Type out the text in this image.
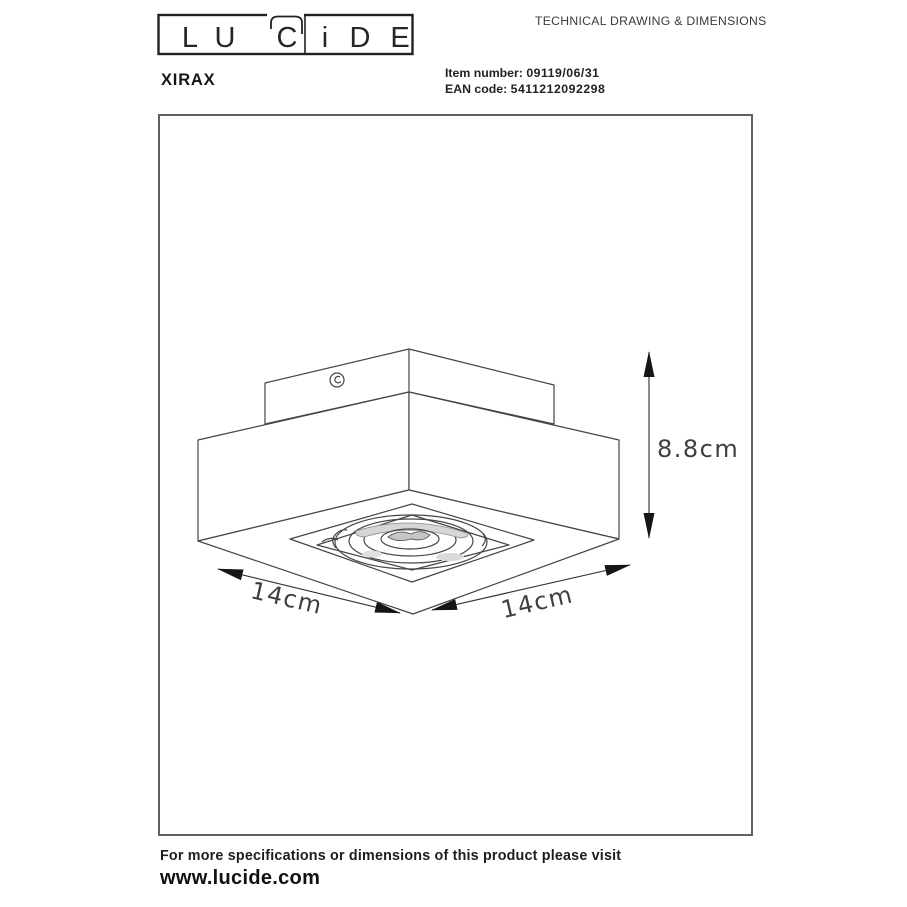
L U C i D E
XIRAX
TECHNICAL DRAWING & DIMENSIONS
Item number: 09119/06/31
EAN code: 5411212092298
8.8cm
14cm	14cm
For more specifications or dimensions of this product please visit
www.lucide.com
